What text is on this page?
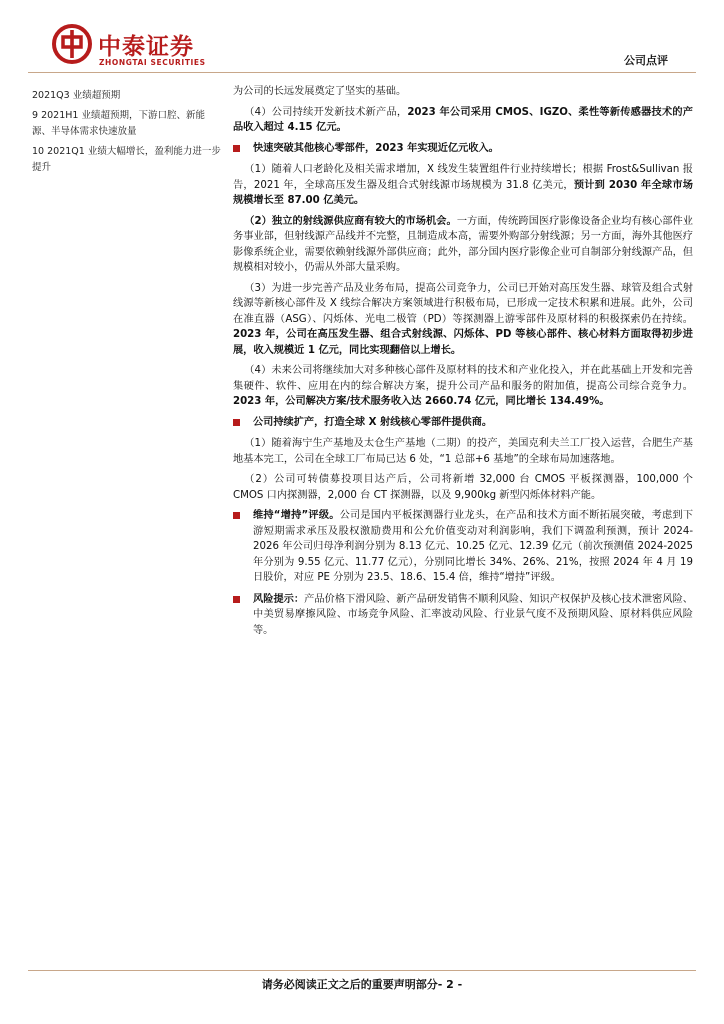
中泰证券
ZHONGTAI SECURITIES	公司点评
2021Q3 业绩超预期
9 2021H1 业绩超预期，下游口腔、新能源、半导体需求快速放量
10 2021Q1 业绩大幅增长，盈利能力进一步提升
为公司的长远发展奠定了坚实的基础。
（4）公司持续开发新技术新产品，2023 年公司采用 CMOS、IGZO、柔性等新传感器技术的产品收入超过 4.15 亿元。
快速突破其他核心零部件，2023 年实现近亿元收入。
（1）随着人口老龄化及相关需求增加，X 线发生装置组件行业持续增长；根据 Frost&Sullivan 报告，2021 年，全球高压发生器及组合式射线源市场规模为 31.8 亿美元，预计到 2030 年全球市场规模增长至 87.00 亿美元。
（2）独立的射线源供应商有较大的市场机会。一方面，传统跨国医疗影像设备企业均有核心部件业务事业部，但射线源产品线并不完整，且制造成本高，需要外购部分射线源；另一方面，海外其他医疗影像系统企业，需要依赖射线源外部供应商；此外，部分国内医疗影像企业可自制部分射线源产品，但规模相对较小，仍需从外部大量采购。
（3）为进一步完善产品及业务布局，提高公司竞争力，公司已开始对高压发生器、球管及组合式射线源等新核心部件及 X 线综合解决方案领域进行积极布局，已形成一定技术积累和进展。此外，公司在准直器（ASG）、闪烁体、光电二极管（PD）等探测器上游零部件及原材料的积极探索仍在持续。2023 年，公司在高压发生器、组合式射线源、闪烁体、PD 等核心部件、核心材料方面取得初步进展，收入规模近 1 亿元，同比实现翻倍以上增长。
（4）未来公司将继续加大对多种核心部件及原材料的技术和产业化投入，并在此基础上开发和完善集硬件、软件、应用在内的综合解决方案，提升公司产品和服务的附加值，提高公司综合竞争力。2023 年，公司解决方案/技术服务收入达 2660.74 亿元，同比增长 134.49%。
公司持续扩产，打造全球 X 射线核心零部件提供商。
（1）随着海宁生产基地及太仓生产基地（二期）的投产，美国克利夫兰工厂投入运营，合肥生产基地基本完工，公司在全球工厂布局已达 6 处，“1 总部+6 基地”的全球布局加速落地。
（2）公司可转债募投项目达产后，公司将新增 32,000 台 CMOS 平板探测器，100,000 个 CMOS 口内探测器，2,000 台 CT 探测器，以及 9,900kg 新型闪烁体材料产能。
维持“增持”评级。公司是国内平板探测器行业龙头，在产品和技术方面不断拓展突破，考虑到下游短期需求承压及股权激励费用和公允价值变动对利润影响，我们下调盈利预测，预计 2024-2026 年公司归母净利润分别为 8.13 亿元、10.25 亿元、12.39 亿元（前次预测值 2024-2025 年分别为 9.55 亿元、11.77 亿元），分别同比增长 34%、26%、21%，按照 2024 年 4 月 19 日股价，对应 PE 分别为 23.5、18.6、15.4 倍，维持“增持”评级。
风险提示：产品价格下滑风险、新产品研发销售不顺利风险、知识产权保护及核心技术泄密风险、中美贸易摩擦风险、市场竞争风险、汇率波动风险、行业景气度不及预期风险、原材料供应风险等。
请务必阅读正文之后的重要声明部分- 2 -
